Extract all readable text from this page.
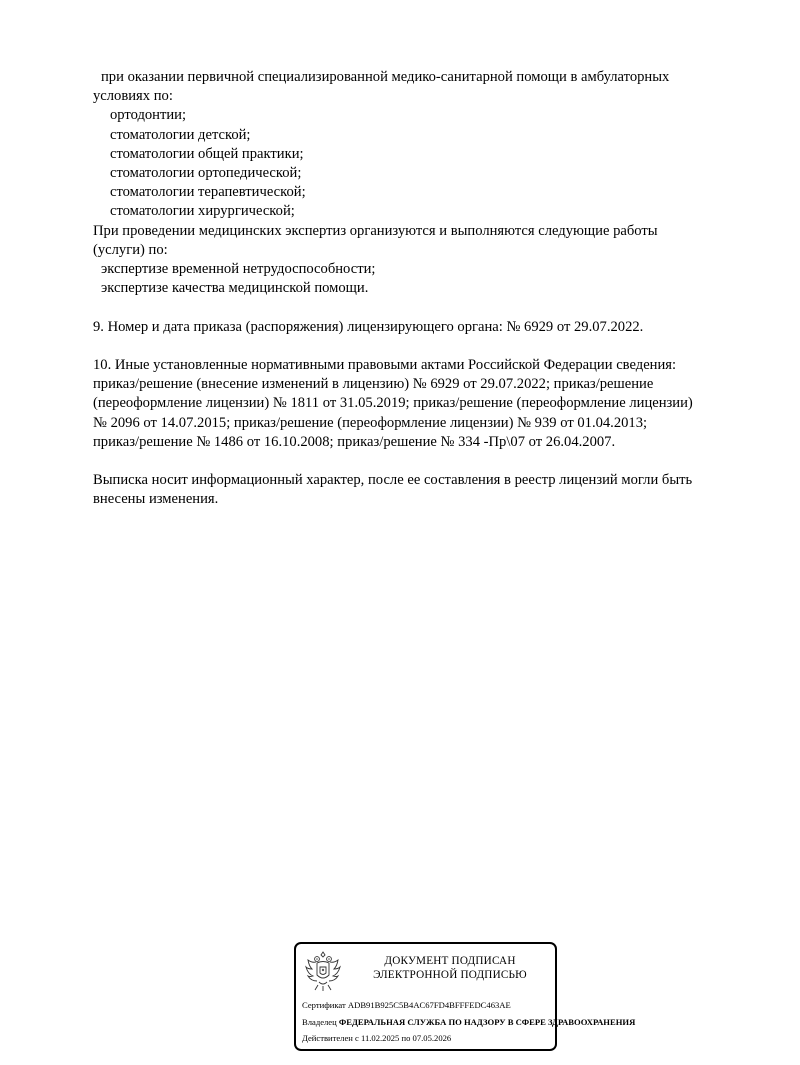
при оказании первичной специализированной медико-санитарной помощи в амбулаторных
условиях по:
ортодонтии;
стоматологии детской;
стоматологии общей практики;
стоматологии ортопедической;
стоматологии терапевтической;
стоматологии хирургической;
При проведении медицинских экспертиз организуются и выполняются следующие работы
(услуги) по:
экспертизе временной нетрудоспособности;
экспертизе качества медицинской помощи.
9. Номер и дата приказа (распоряжения) лицензирующего органа: № 6929 от 29.07.2022.
10. Иные установленные нормативными правовыми актами Российской Федерации сведения:
приказ/решение (внесение изменений в лицензию) № 6929 от 29.07.2022; приказ/решение
(переоформление лицензии) № 1811 от 31.05.2019; приказ/решение (переоформление лицензии)
№ 2096 от 14.07.2015; приказ/решение (переоформление лицензии) № 939 от 01.04.2013;
приказ/решение № 1486 от 16.10.2008; приказ/решение № 334 -Пр\07 от 26.04.2007.
Выписка носит информационный характер, после ее составления в реестр лицензий могли быть
внесены изменения.
ДОКУМЕНТ ПОДПИСАН
ЭЛЕКТРОННОЙ ПОДПИСЬЮ
Сертификат ADB91B925C5B4AC67FD4BFFFEDC463AE
Владелец ФЕДЕРАЛЬНАЯ СЛУЖБА ПО НАДЗОРУ В СФЕРЕ ЗДРАВООХРАНЕНИЯ
Действителен с 11.02.2025 по 07.05.2026
